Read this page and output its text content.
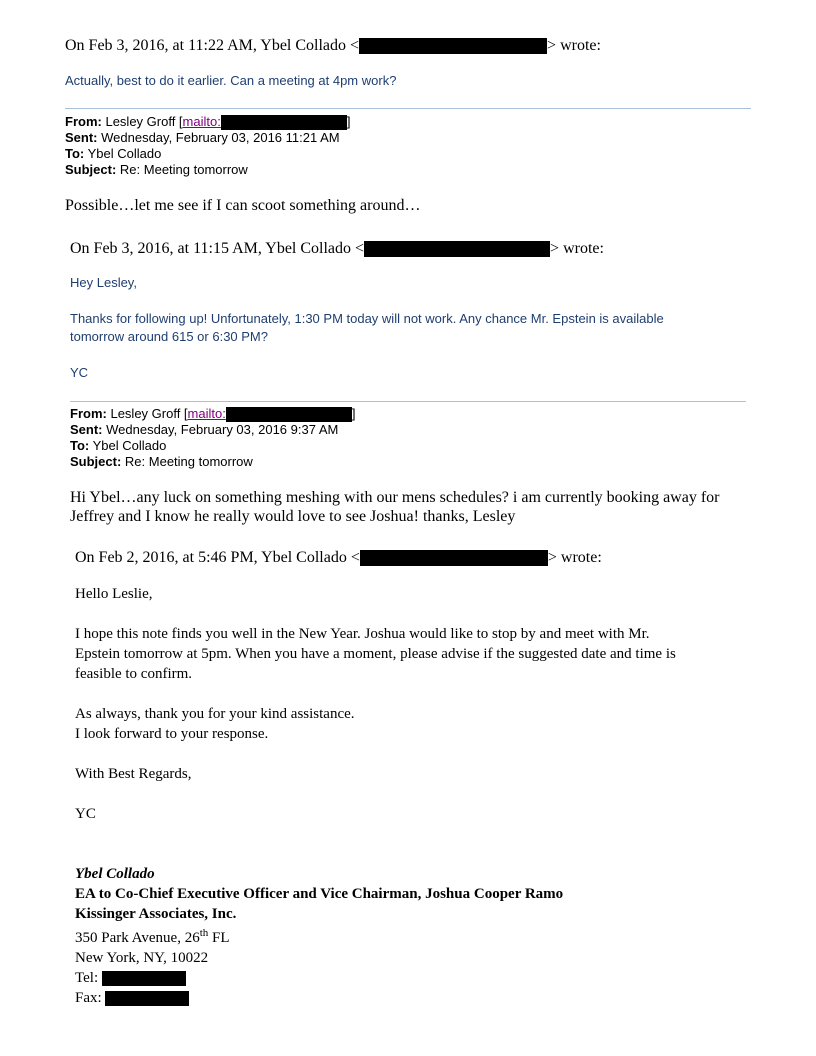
On Feb 3, 2016, at 11:22 AM, Ybel Collado <	> wrote:
Actually, best to do it earlier. Can a meeting at 4pm work?
From: Lesley Groff [mailto:	]
Sent: Wednesday, February 03, 2016 11:21 AM
To: Ybel Collado
Subject: Re: Meeting tomorrow
Possible…let me see if I can scoot something around…
On Feb 3, 2016, at 11:15 AM, Ybel Collado <	> wrote:
Hey Lesley,
Thanks for following up! Unfortunately, 1:30 PM today will not work. Any chance Mr. Epstein is available
tomorrow around 615 or 6:30 PM?
YC
From: Lesley Groff [mailto:	]
Sent: Wednesday, February 03, 2016 9:37 AM
To: Ybel Collado
Subject: Re: Meeting tomorrow
Hi Ybel…any luck on something meshing with our mens schedules? i am currently booking away for
Jeffrey and I know he really would love to see Joshua! thanks, Lesley
On Feb 2, 2016, at 5:46 PM, Ybel Collado <	> wrote:
Hello Leslie,
I hope this note finds you well in the New Year. Joshua would like to stop by and meet with Mr.
Epstein tomorrow at 5pm. When you have a moment, please advise if the suggested date and time is
feasible to confirm.
As always, thank you for your kind assistance.
I look forward to your response.
With Best Regards,
YC
Ybel Collado
EA to Co-Chief Executive Officer and Vice Chairman, Joshua Cooper Ramo
Kissinger Associates, Inc.
350 Park Avenue, 26th FL
New York, NY, 10022
Tel:
Fax:
